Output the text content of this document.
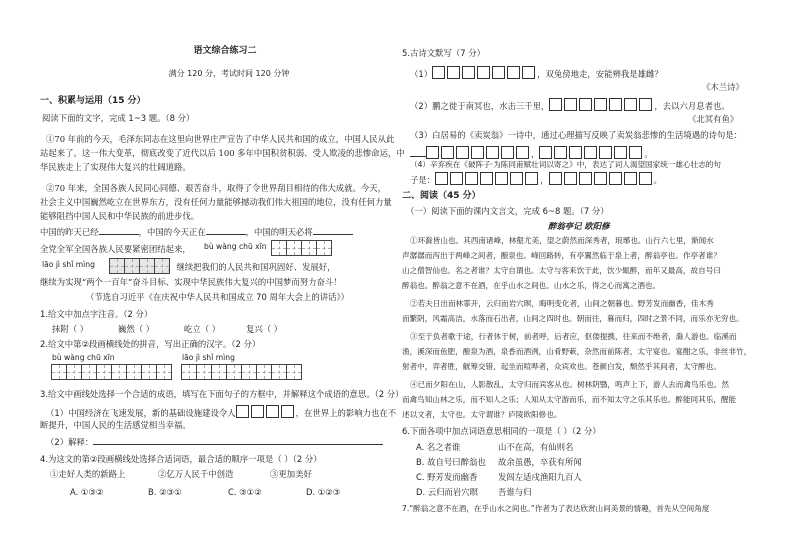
语文综合练习二
满分 120 分，考试时间 120 分钟
一、积累与运用（15 分）
阅读下面的文字，完成 1~3 题。（8 分）
①70 年前的今天，毛泽东同志在这里向世界庄严宣告了中华人民共和国的成立，中国人民从此
站起来了。这一伟大变革，彻底改变了近代以后 100 多年中国积贫积弱、受人欺凌的悲惨命运，中
华民族走上了实现伟大复兴的壮阔道路。
②70 年来，全国各族人民同心同德、艰苦奋斗，取得了令世界刮目相待的伟大成就。今天，
社会主义中国巍然屹立在世界东方，没有任何力量能够撼动我们伟大祖国的地位，没有任何力量
能够阻挡中国人民和中华民族的前进步伐。
中国的昨天已经	，中国的今天正在	，中国的明天必将
全党全军全国各族人民要紧密团结起来， bù wàng chū xīn	，
lāo jì shǐ mìng	，继续把我们的人民共和国巩固好、发展好，
继续为实现“两个一百年”奋斗目标、实现中华民族伟大复兴的中国梦而努力奋斗！
（节选自习近平《在庆祝中华人民共和国成立 70 周年大会上的讲话》）
1.给文中加点字注音。（2 分）
抹附（ ）	巍然（ ）	屹立（ ）	复兴（ ）
2.给文中第②段画横线处的拼音，写出正确的汉字。（2 分）
bù wàng chū xīn	lāo jì shǐ mìng
3.给文中画线处选择一个合适的成语，填写在下面句子的方框中，并解释这个成语的意思。（2 分）
（1）中国经济在飞速发展，新的基础设施建设令人	，在世界上的影响力也在不
断提升，中国人民的生活感觉相当幸福。
（2）解释：
4.为这文的第②段画横线处选择合适词语，最合适的顺序一项是（ ）（2 分）
①走好人类的新路上	②亿万人民千中创造	③更加美好
A. ①③②	B. ②③①	C. ③①②	D. ①②③
5.古诗文默写（7 分）
（1）	，双兔傍地走，安能辨我是雄雌？
《木兰诗》
（2）鹏之徙于南冥也，水击三千里，	，去以六月息者也。
《北冥有鱼》
（3）白居易的《卖炭翁》一诗中，通过心理描写反映了卖炭翁悲惨的生活境遇的诗句是：
，	。
（4）辛弃疾在《破阵子·为陈同甫赋壮词以寄之》中，表达了词人渴望国家统一雄心壮志的句
子是：	，	。
二、阅读（45 分）
（一）阅读下面的课内文言文，完成 6~8 题。（7 分）
醉翁亭记 欧阳修
①环滁皆山也。其西南诸峰，林壑尤美，望之蔚然而深秀者，琅琊也。山行六七里，渐闻水
声潺潺而泻出于两峰之间者，酿泉也。峰回路转，有亭翼然临于泉上者，醉翁亭也。作亭者谁？
山之僧智仙也。名之者谁？太守自谓也。太守与客来饮于此，饮少辄醉，而年又最高，故自号曰
醉翁也。醉翁之意不在酒，在乎山水之间也。山水之乐，得之心而寓之酒也。
②若夫日出而林霏开，云归而岩穴暝，晦明变化者，山间之朝暮也。野芳发而幽香，佳木秀
而繁阴，风霜高洁，水落而石出者，山间之四时也。朝而往，暮而归，四时之景不同，而乐亦无穷也。
③至于负者歌于途，行者休于树，前者呼，后者应，伛偻提携，往来而不绝者，滁人游也。临溪而
渔，溪深而鱼肥，酿泉为酒，泉香而酒洌，山肴野蔌，杂然而前陈者，太守宴也。宴酣之乐，非丝非竹，
射者中，弈者胜，觥筹交错，起坐而喧哗者，众宾欢也。苍颜白发，颓然乎其间者，太守醉也。
④已而夕阳在山，人影散乱，太守归而宾客从也。树林阴翳，鸣声上下，游人去而禽鸟乐也。然
而禽鸟知山林之乐，而不知人之乐；人知从太守游而乐，而不知太守之乐其乐也。醉能同其乐，醒能
述以文者，太守也。太守谓谁？庐陵欧阳修也。
6.下面各项中加点词语意思相同的一项是（ ）（2 分）
A. 名之者谁	山不在高，有仙则名
B. 故自号曰醉翁也 故余虽愚，卒获有所闻
C. 野芳发而幽香 发闾左适戍渔阳九百人
D. 云归而岩穴暝 吾谁与归
7.“醉翁之意不在酒，在乎山水之间也。”作者为了表达欣赏山间美景的情趣，首先从空间角度
